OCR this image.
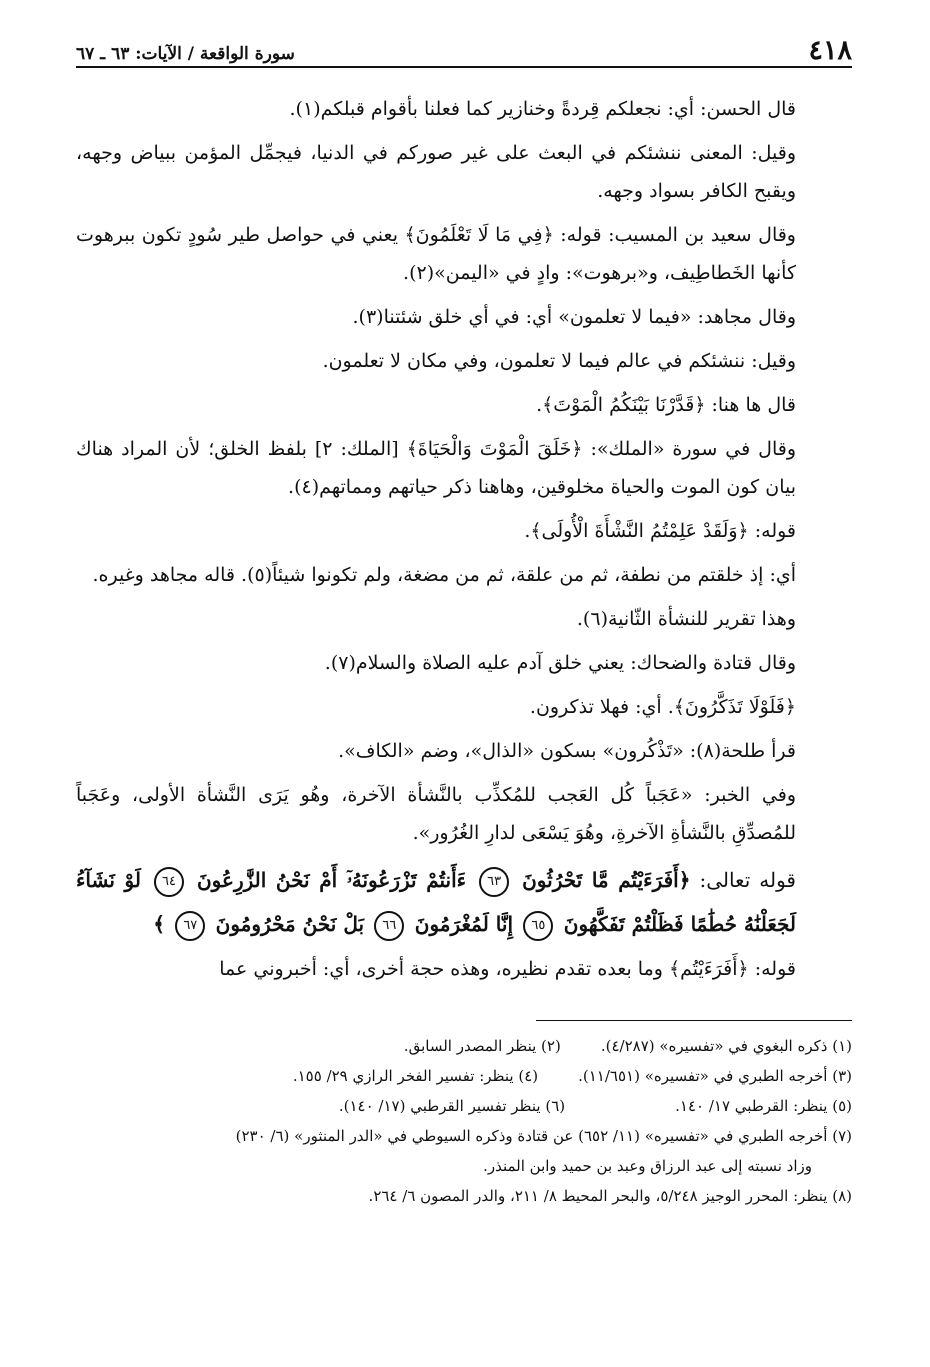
٤١٨
سورة الواقعة / الآيات: ٦٣ ـ ٦٧

قال الحسن: أي: نجعلكم قِردةً وخنازير كما فعلنا بأقوام قبلكم(١).

وقيل: المعنى ننشئكم في البعث على غير صوركم في الدنيا، فيجمِّل المؤمن ببياض وجهه، ويقبح الكافر بسواد وجهه.

وقال سعيد بن المسيب: قوله: ﴿فِي مَا لَا تَعْلَمُونَ﴾ يعني في حواصل طير سُودٍ تكون ببرهوت كأنها الخَطاطِيف، و«برهوت»: وادٍ في «اليمن»(٢).

وقال مجاهد: «فيما لا تعلمون» أي: في أي خلق شئتنا(٣).

وقيل: ننشئكم في عالم فيما لا تعلمون، وفي مكان لا تعلمون.

قال ها هنا: ﴿قَدَّرْنَا بَيْنَكُمُ الْمَوْتَ﴾.

وقال في سورة «الملك»: ﴿خَلَقَ الْمَوْتَ وَالْحَيَاةَ﴾ [الملك: ٢] بلفظ الخلق؛ لأن المراد هناك بيان كون الموت والحياة مخلوقين، وهاهنا ذكر حياتهم ومماتهم(٤).

قوله: ﴿وَلَقَدْ عَلِمْتُمُ النَّشْأَةَ الْأُولَى﴾.

أي: إذ خلقتم من نطفة، ثم من علقة، ثم من مضغة، ولم تكونوا شيئاً(٥). قاله مجاهد وغيره.

وهذا تقرير للنشأة الثّانية(٦).

وقال قتادة والضحاك: يعني خلق آدم عليه الصلاة والسلام(٧).

﴿فَلَوْلَا تَذَكَّرُونَ﴾. أي: فهلا تذكرون.

قرأ طلحة(٨): «تَذْكُرون» بسكون «الذال»، وضم «الكاف».

وفي الخبر: «عَجَباً كُل العَجب للمُكذِّب بالنَّشأة الآخرة، وهُو يَرَى النَّشأة الأولى، وعَجَباً للمُصدِّقِ بالنَّشأةِ الآخرةِ، وهُوَ يَسْعَى لدارِ الغُرُور».

قوله تعالى: ﴿أَفَرَءَيْتُم مَّا تَحْرُثُونَ ٦٣ ءَأَنتُمْ تَزْرَعُونَهُۥٓ أَمْ نَحْنُ الزَّٰرِعُونَ ٦٤ لَوْ نَشَآءُ لَجَعَلْنَٰهُ حُطَٰمًا فَظَلْتُمْ تَفَكَّهُونَ ٦٥ إِنَّا لَمُغْرَمُونَ ٦٦ بَلْ نَحْنُ مَحْرُومُونَ ٦٧ ﴾

قوله: ﴿أَفَرَءَيْتُم﴾ وما بعده تقدم نظيره، وهذه حجة أخرى، أي: أخبروني عما

(١) ذكره البغوي في «تفسيره» (٤/٢٨٧).(٢) ينظر المصدر السابق.

(٣) أخرجه الطبري في «تفسيره» (١١/٦٥١).(٤) ينظر: تفسير الفخر الرازي ٢٩/ ١٥٥.

(٥) ينظر: القرطبي ١٧/ ١٤٠.(٦) ينظر تفسير القرطبي (١٧/ ١٤٠).

(٧) أخرجه الطبري في «تفسيره» (١١/ ٦٥٢) عن قتادة وذكره السيوطي في «الدر المنثور» (٦/ ٢٣٠)

وزاد نسبته إلى عبد الرزاق وعبد بن حميد وابن المنذر.

(٨) ينظر: المحرر الوجيز ٥/٢٤٨، والبحر المحيط ٨/ ٢١١، والدر المصون ٦/ ٢٦٤.
